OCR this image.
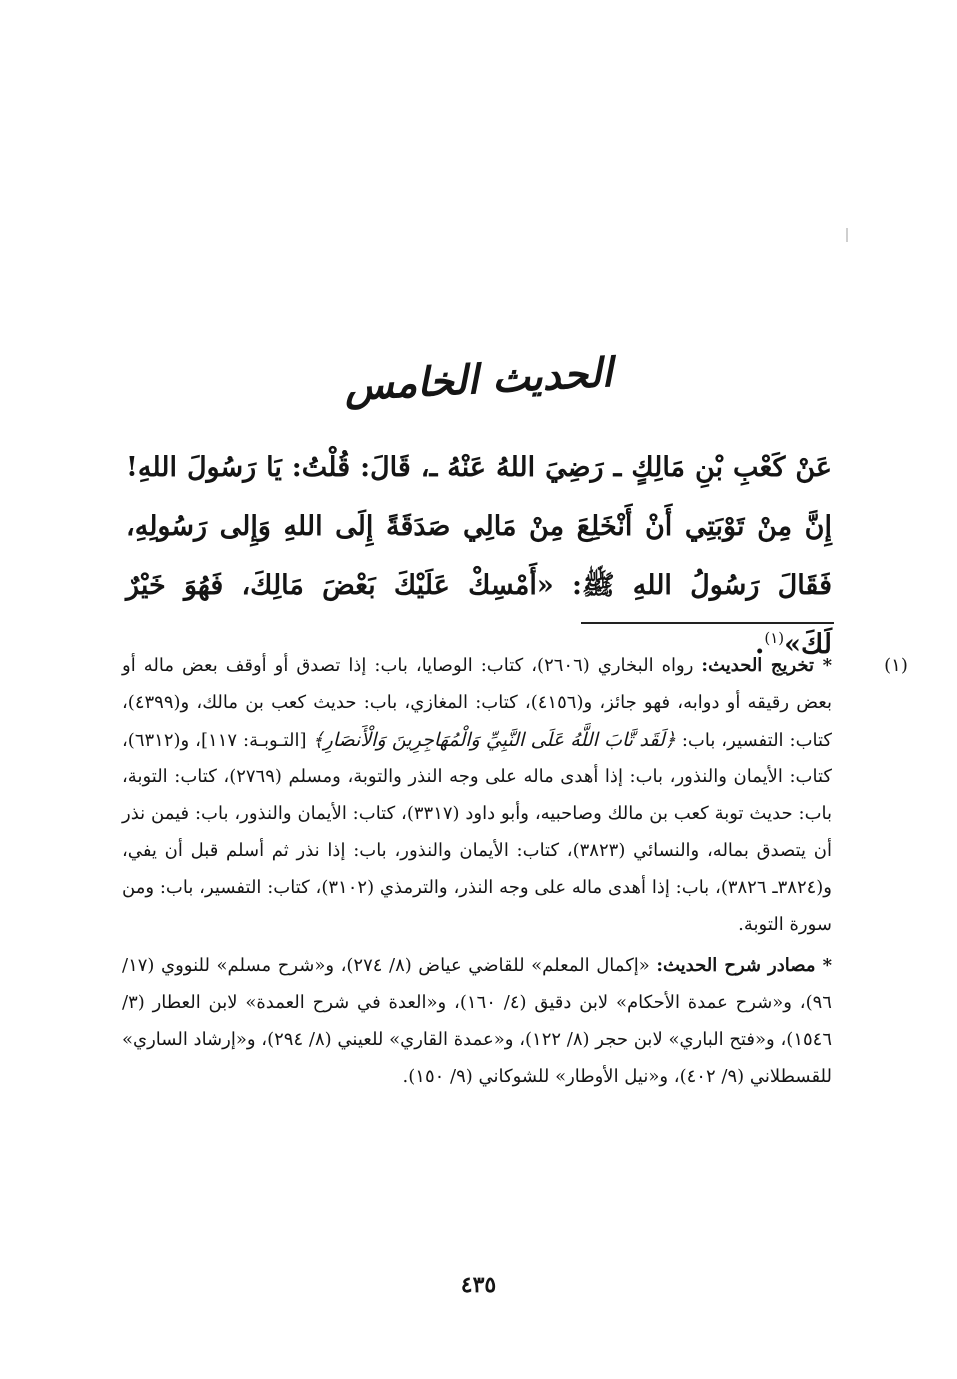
الحديث الخامس
عَنْ كَعْبِ بْنِ مَالِكٍ ـ رَضِيَ اللهُ عَنْهُ ـ، قَالَ: قُلْتُ: يَا رَسُولَ اللهِ! إِنَّ مِنْ تَوْبَتِي أَنْ أَنْخَلِعَ مِنْ مَالِي صَدَقَةً إِلَى اللهِ وَإِلى رَسُولِهِ، فَقَالَ رَسُولُ اللهِ ﷺ: «أَمْسِكْ عَلَيْكَ بَعْضَ مَالِكَ، فَهُوَ خَيْرٌ لَكَ»$^{(١)}$.
(١)

* تخريج الحديث: رواه البخاري (٢٦٠٦)، كتاب: الوصايا، باب: إذا تصدق أو أوقف بعض ماله أو بعض رقيقه أو دوابه، فهو جائز، و(٤١٥٦)، كتاب: المغازي، باب: حديث كعب بن مالك، و(٤٣٩٩)، كتاب: التفسير، باب: ﴿لَقَد تَّابَ اللَّهُ عَلَى النَّبِيِّ وَالْمُهَاجِرِينَ وَالْأَنصَارِ﴾ [التـوبـة: ١١٧]، و(٦٣١٢)، كتاب: الأيمان والنذور، باب: إذا أهدى ماله على وجه النذر والتوبة، ومسلم (٢٧٦٩)، كتاب: التوبة، باب: حديث توبة كعب بن مالك وصاحبيه، وأبو داود (٣٣١٧)، كتاب: الأيمان والنذور، باب: فيمن نذر أن يتصدق بماله، والنسائي (٣٨٢٣)، كتاب: الأيمان والنذور، باب: إذا نذر ثم أسلم قبل أن يفي، و(٣٨٢٤ـ ٣٨٢٦)، باب: إذا أهدى ماله على وجه النذر، والترمذي (٣١٠٢)، كتاب: التفسير، باب: ومن سورة التوبة.

* مصادر شرح الحديث: «إكمال المعلم» للقاضي عياض (٨/ ٢٧٤)، و«شرح مسلم» للنووي (١٧/ ٩٦)، و«شرح عمدة الأحكام» لابن دقيق (٤/ ١٦٠)، و«العدة في شرح العمدة» لابن العطار (٣/ ١٥٤٦)، و«فتح الباري» لابن حجر (٨/ ١٢٢)، و«عمدة القاري» للعيني (٨/ ٢٩٤)، و«إرشاد الساري» للقسطلاني (٩/ ٤٠٢)، و«نيل الأوطار» للشوكاني (٩/ ١٥٠).

٤٣٥
